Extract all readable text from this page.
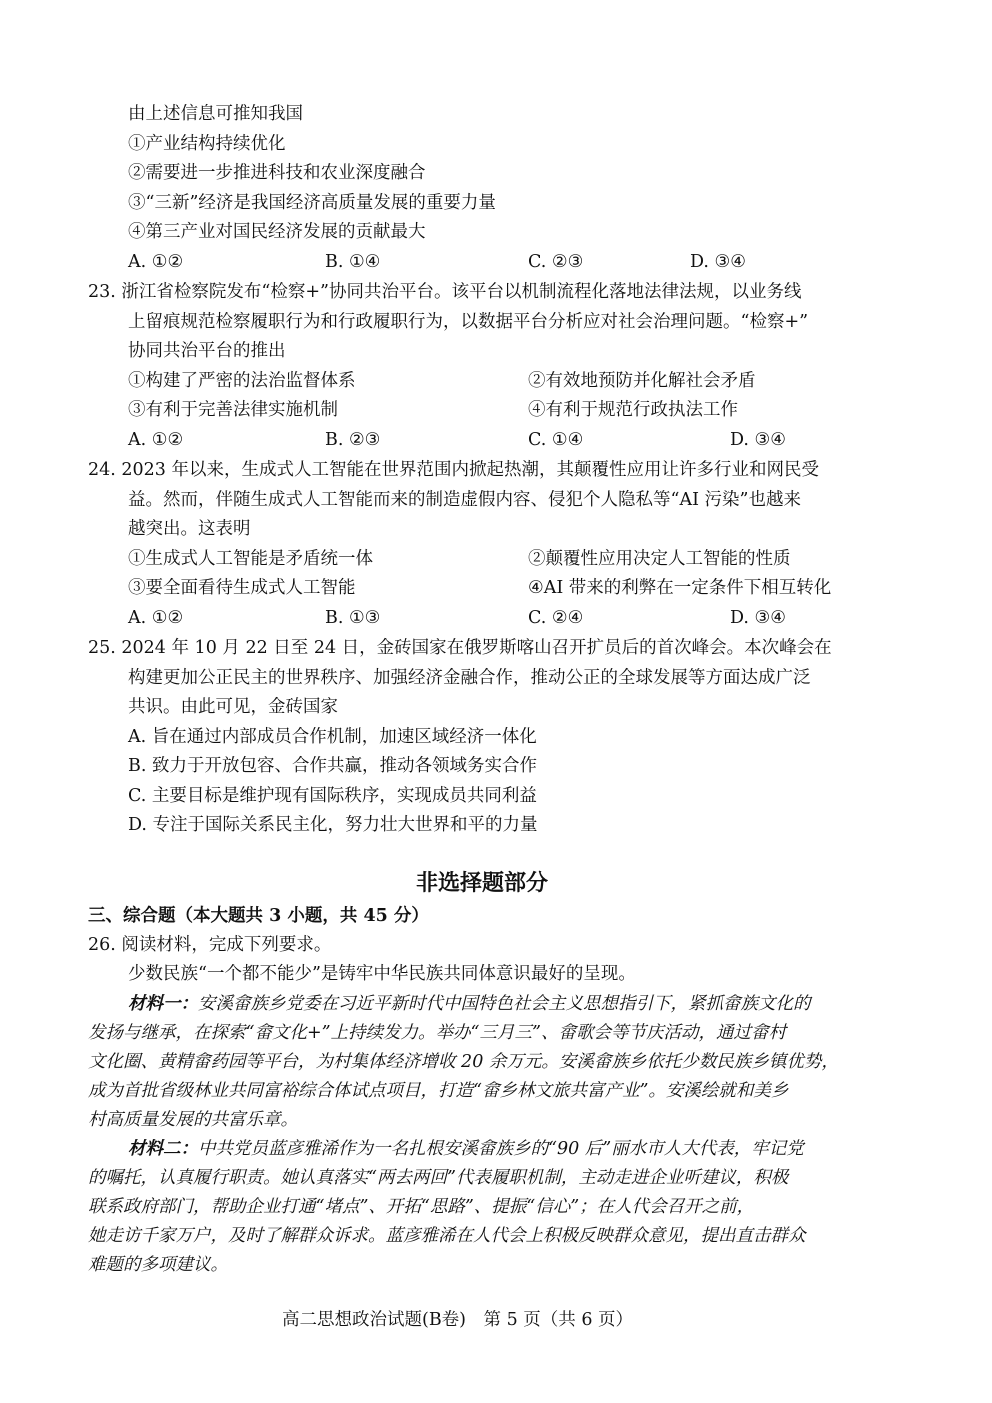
由上述信息可推知我国
①产业结构持续优化
②需要进一步推进科技和农业深度融合
③“三新”经济是我国经济高质量发展的重要力量
④第三产业对国民经济发展的贡献最大
A. ①②	B. ①④	C. ②③	D. ③④
23. 浙江省检察院发布“检察+”协同共治平台。该平台以机制流程化落地法律法规，以业务线
上留痕规范检察履职行为和行政履职行为，以数据平台分析应对社会治理问题。“检察+”
协同共治平台的推出
①构建了严密的法治监督体系	②有效地预防并化解社会矛盾
③有利于完善法律实施机制	④有利于规范行政执法工作
A. ①②	B. ②③	C. ①④	D. ③④
24. 2023 年以来，生成式人工智能在世界范围内掀起热潮，其颠覆性应用让许多行业和网民受
益。然而，伴随生成式人工智能而来的制造虚假内容、侵犯个人隐私等“AI 污染”也越来
越突出。这表明
①生成式人工智能是矛盾统一体	②颠覆性应用决定人工智能的性质
③要全面看待生成式人工智能	④AI 带来的利弊在一定条件下相互转化
A. ①②	B. ①③	C. ②④	D. ③④
25. 2024 年 10 月 22 日至 24 日，金砖国家在俄罗斯喀山召开扩员后的首次峰会。本次峰会在
构建更加公正民主的世界秩序、加强经济金融合作，推动公正的全球发展等方面达成广泛
共识。由此可见，金砖国家
A. 旨在通过内部成员合作机制，加速区域经济一体化
B. 致力于开放包容、合作共赢，推动各领域务实合作
C. 主要目标是维护现有国际秩序，实现成员共同利益
D. 专注于国际关系民主化，努力壮大世界和平的力量
非选择题部分
三、综合题（本大题共 3 小题，共 45 分）
26. 阅读材料，完成下列要求。
少数民族“一个都不能少”是铸牢中华民族共同体意识最好的呈现。
材料一：安溪畲族乡党委在习近平新时代中国特色社会主义思想指引下，紧抓畲族文化的
发扬与继承，在探索“畲文化+”上持续发力。举办“三月三”、畲歌会等节庆活动，通过畲村
文化圈、黄精畲药园等平台，为村集体经济增收 20 余万元。安溪畲族乡依托少数民族乡镇优势，
成为首批省级林业共同富裕综合体试点项目，打造“畲乡林文旅共富产业”。安溪绘就和美乡
村高质量发展的共富乐章。
材料二：中共党员蓝彦雅浠作为一名扎根安溪畲族乡的“90 后”丽水市人大代表，牢记党
的嘱托，认真履行职责。她认真落实“两去两回”代表履职机制，主动走进企业听建议，积极
联系政府部门，帮助企业打通“堵点”、开拓“思路”、提振“信心”；在人代会召开之前，
她走访千家万户，及时了解群众诉求。蓝彦雅浠在人代会上积极反映群众意见，提出直击群众
难题的多项建议。
高二思想政治试题(B卷)　第 5 页（共 6 页）
